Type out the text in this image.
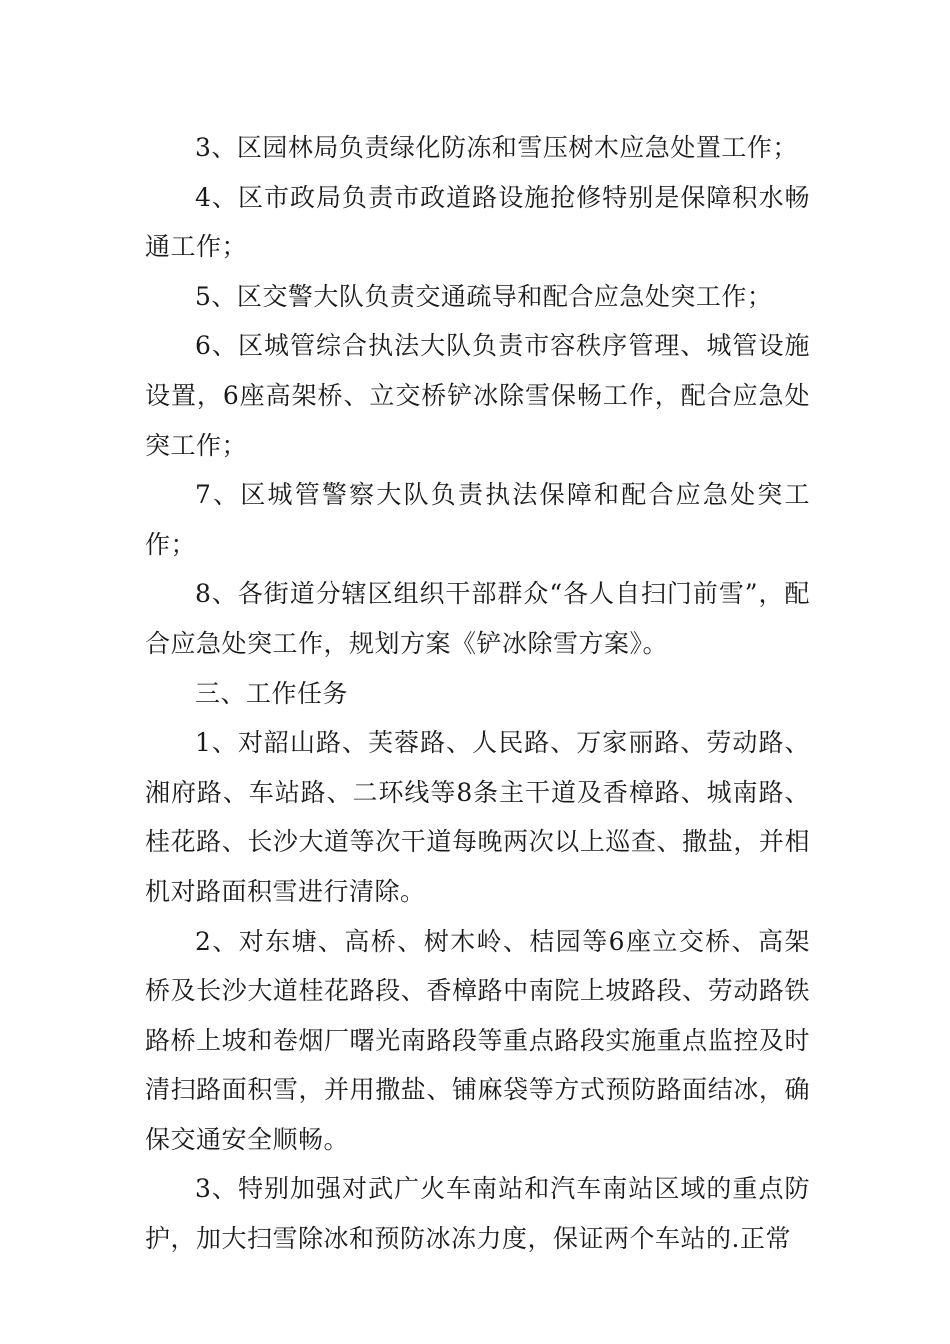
3、区园林局负责绿化防冻和雪压树木应急处置工作；

4、区市政局负责市政道路设施抢修特别是保障积水畅通工作；

5、区交警大队负责交通疏导和配合应急处突工作；

6、区城管综合执法大队负责市容秩序管理、城管设施设置，6座高架桥、立交桥铲冰除雪保畅工作，配合应急处突工作；

7、区城管警察大队负责执法保障和配合应急处突工作；

8、各街道分辖区组织干部群众“各人自扫门前雪”，配合应急处突工作，规划方案《铲冰除雪方案》。

三、工作任务

1、对韶山路、芙蓉路、人民路、万家丽路、劳动路、湘府路、车站路、二环线等8条主干道及香樟路、城南路、桂花路、长沙大道等次干道每晚两次以上巡查、撒盐，并相机对路面积雪进行清除。

2、对东塘、高桥、树木岭、桔园等6座立交桥、高架桥及长沙大道桂花路段、香樟路中南院上坡路段、劳动路铁路桥上坡和卷烟厂曙光南路段等重点路段实施重点监控及时清扫路面积雪，并用撒盐、铺麻袋等方式预防路面结冰，确保交通安全顺畅。

3、特别加强对武广火车南站和汽车南站区域的重点防护，加大扫雪除冰和预防冰冻力度，保证两个车站的.正常
